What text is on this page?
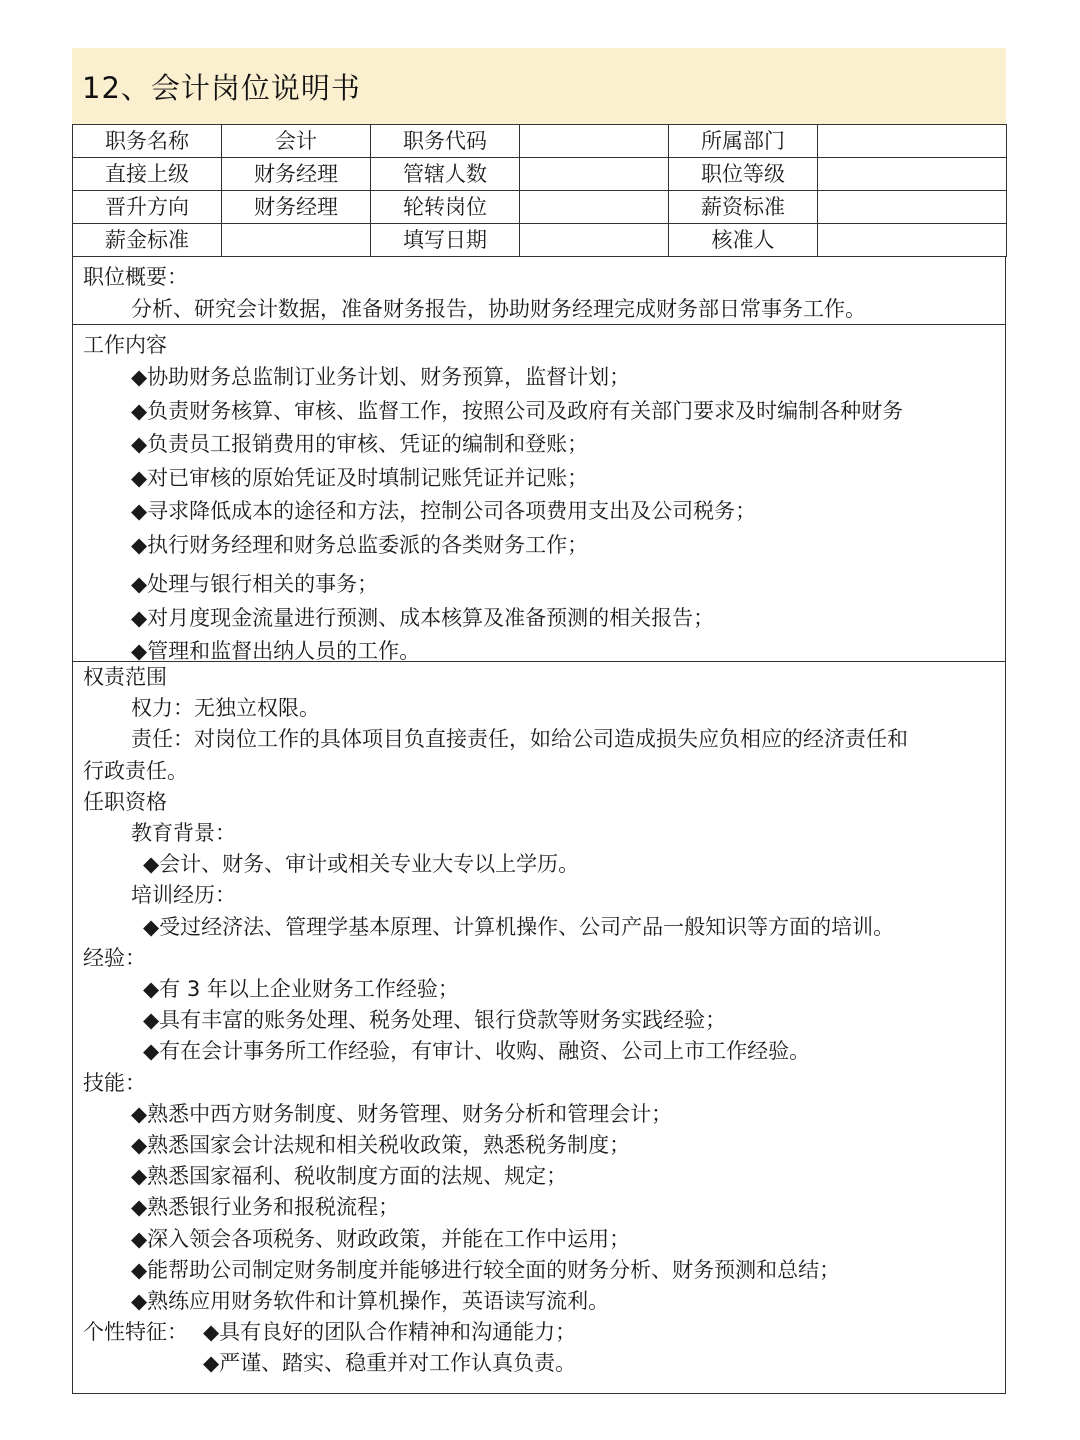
12、会计岗位说明书
职务名称	会计	职务代码		所属部门	
直接上级	财务经理	管辖人数		职位等级	
晋升方向	财务经理	轮转岗位		薪资标准	
薪金标准		填写日期		核准人	
职位概要：
分析、研究会计数据，准备财务报告，协助财务经理完成财务部日常事务工作。
工作内容
◆协助财务总监制订业务计划、财务预算，监督计划；
◆负责财务核算、审核、监督工作，按照公司及政府有关部门要求及时编制各种财务
◆负责员工报销费用的审核、凭证的编制和登账；
◆对已审核的原始凭证及时填制记账凭证并记账；
◆寻求降低成本的途径和方法，控制公司各项费用支出及公司税务；
◆执行财务经理和财务总监委派的各类财务工作；
◆处理与银行相关的事务；
◆对月度现金流量进行预测、成本核算及准备预测的相关报告；
◆管理和监督出纳人员的工作。
权责范围
权力：无独立权限。
责任：对岗位工作的具体项目负直接责任，如给公司造成损失应负相应的经济责任和
行政责任。
任职资格
教育背景：
◆会计、财务、审计或相关专业大专以上学历。
培训经历：
◆受过经济法、管理学基本原理、计算机操作、公司产品一般知识等方面的培训。
经验：
◆有 3 年以上企业财务工作经验；
◆具有丰富的账务处理、税务处理、银行贷款等财务实践经验；
◆有在会计事务所工作经验，有审计、收购、融资、公司上市工作经验。
技能：
◆熟悉中西方财务制度、财务管理、财务分析和管理会计；
◆熟悉国家会计法规和相关税收政策，熟悉税务制度；
◆熟悉国家福利、税收制度方面的法规、规定；
◆熟悉银行业务和报税流程；
◆深入领会各项税务、财政政策，并能在工作中运用；
◆能帮助公司制定财务制度并能够进行较全面的财务分析、财务预测和总结；
◆熟练应用财务软件和计算机操作，英语读写流利。
个性特征： ◆具有良好的团队合作精神和沟通能力；
◆严谨、踏实、稳重并对工作认真负责。
